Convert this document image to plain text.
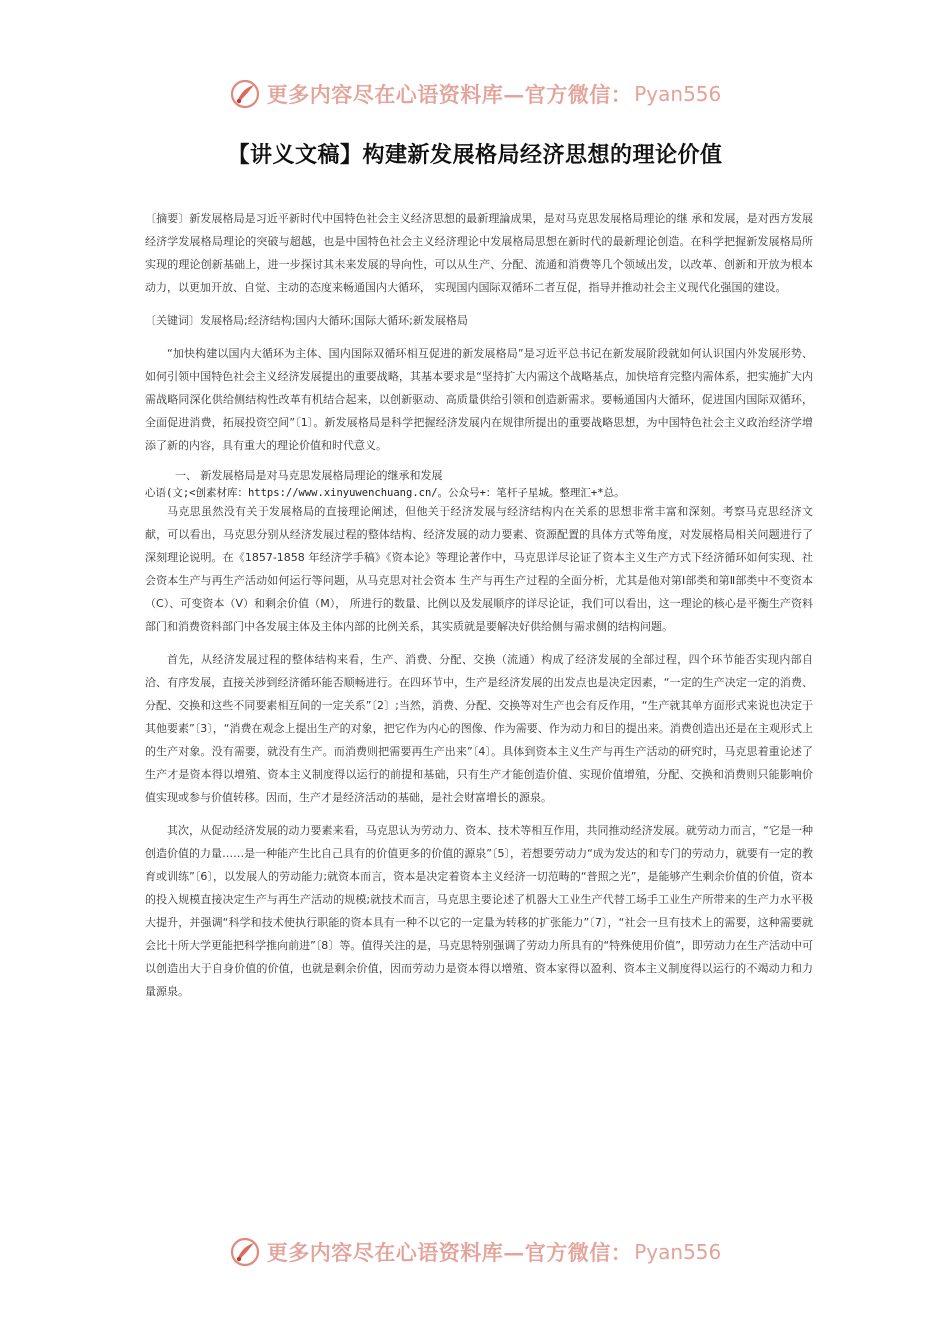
更多内容尽在心语资料库—官方微信： Pyan556
【讲义文稿】构建新发展格局经济思想的理论价值

〔摘要〕新发展格局是习近平新时代中国特色社会主义经济思想的最新理論成果，是对马克思发展格局理论的继 承和发展，是对西方发展经济学发展格局理论的突破与超越，也是中国特色社会主义经济理论中发展格局思想在新时代的最新理论创造。在科学把握新发展格局所实现的理论创新基础上，进一步探讨其未来发展的导向性，可以从生产、分配、流通和消费等几个领域出发，以改革、创新和开放为根本动力，以更加开放、自觉、主动的态度来畅通国内大循环， 实现国内国际双循环二者互促，指导并推动社会主义现代化强国的建设。

〔关键词〕发展格局;经济结构;国内大循环;国际大循环;新发展格局

“加快构建以国内大循环为主体、国内国际双循环相互促进的新发展格局”是习近平总书记在新发展阶段就如何认识国内外发展形势、如何引领中国特色社会主义经济发展提出的重要战略，其基本要求是“坚持扩大内需这个战略基点，加快培育完整内需体系，把实施扩大内需战略同深化供给侧结构性改革有机结合起来，以创新驱动、高质量供给引领和创造新需求。要畅通国内大循环，促进国内国际双循环，全面促进消费，拓展投资空间”〔1〕。新发展格局是科学把握经济发展内在规律所提出的重要战略思想，为中国特色社会主义政治经济学增添了新的内容，具有重大的理论价值和时代意义。

一、 新发展格局是对马克思发展格局理论的继承和发展

心语(文;<创素材库：https://www.xinyuwenchuang.cn/。公众号+：笔杆子星城。整理汇+*总。

马克思虽然没有关于发展格局的直接理论阐述，但他关于经济发展与经济结构内在关系的思想非常丰富和深刻。考察马克思经济文献，可以看出，马克思分别从经济发展过程的整体结构、经济发展的动力要素、资源配置的具体方式等角度，对发展格局相关问题进行了深刻理论说明。在《1857-1858 年经济学手稿》《资本论》等理论著作中，马克思详尽论证了资本主义生产方式下经济循环如何实现、社会资本生产与再生产活动如何运行等问题，从马克思对社会资本 生产与再生产过程的全面分析，尤其是他对第Ⅰ部类和第Ⅱ部类中不变资本（C）、可变资本（V）和剩余价值（M）， 所进行的数量、比例以及发展顺序的详尽论证，我们可以看出，这一理论的核心是平衡生产资料部门和消费资料部门中各发展主体及主体内部的比例关系，其实质就是要解决好供给侧与需求侧的结构问题。

首先，从经济发展过程的整体结构来看，生产、消费、分配、交换（流通）构成了经济发展的全部过程，四个环节能否实现内部自洽、有序发展，直接关涉到经济循环能否顺畅进行。在四环节中，生产是经济发展的出发点也是决定因素，“一定的生产决定一定的消费、分配、交换和这些不同要素相互间的一定关系”〔2〕;当然，消费、分配、交换等对生产也会有反作用，“生产就其单方面形式来说也决定于其他要素”〔3〕，“消费在观念上提出生产的对象，把它作为内心的图像、作为需要、作为动力和目的提出来。消费创造出还是在主观形式上的生产对象。没有需要，就没有生产。而消费则把需要再生产出来”〔4〕。具体到资本主义生产与再生产活动的研究时，马克思着重论述了生产才是资本得以增殖、资本主义制度得以运行的前提和基础，只有生产才能创造价值、实现价值增殖，分配、交换和消费则只能影响价值实现或参与价值转移。因而，生产才是经济活动的基础，是社会财富增长的源泉。

其次，从促动经济发展的动力要素来看，马克思认为劳动力、资本、技术等相互作用，共同推动经济发展。就劳动力而言，“它是一种创造价值的力量……是一种能产生比自己具有的价值更多的价值的源泉”〔5〕，若想要劳动力“成为发达的和专门的劳动力，就要有一定的教育或训练”〔6〕，以发展人的劳动能力;就资本而言，资本是决定着资本主义经济一切范畴的“普照之光”，是能够产生剩余价值的价值，资本的投入规模直接决定生产与再生产活动的规模;就技术而言，马克思主要论述了机器大工业生产代替工场手工业生产所带来的生产力水平极大提升，并强调“科学和技术使执行职能的资本具有一种不以它的一定量为转移的扩张能力”〔7〕，“社会一旦有技术上的需要，这种需要就会比十所大学更能把科学推向前进”〔8〕等。值得关注的是，马克思特别强调了劳动力所具有的“特殊使用价值”，即劳动力在生产活动中可以创造出大于自身价值的价值，也就是剩余价值，因而劳动力是资本得以增殖、资本家得以盈利、资本主义制度得以运行的不竭动力和力量源泉。

更多内容尽在心语资料库—官方微信： Pyan556
